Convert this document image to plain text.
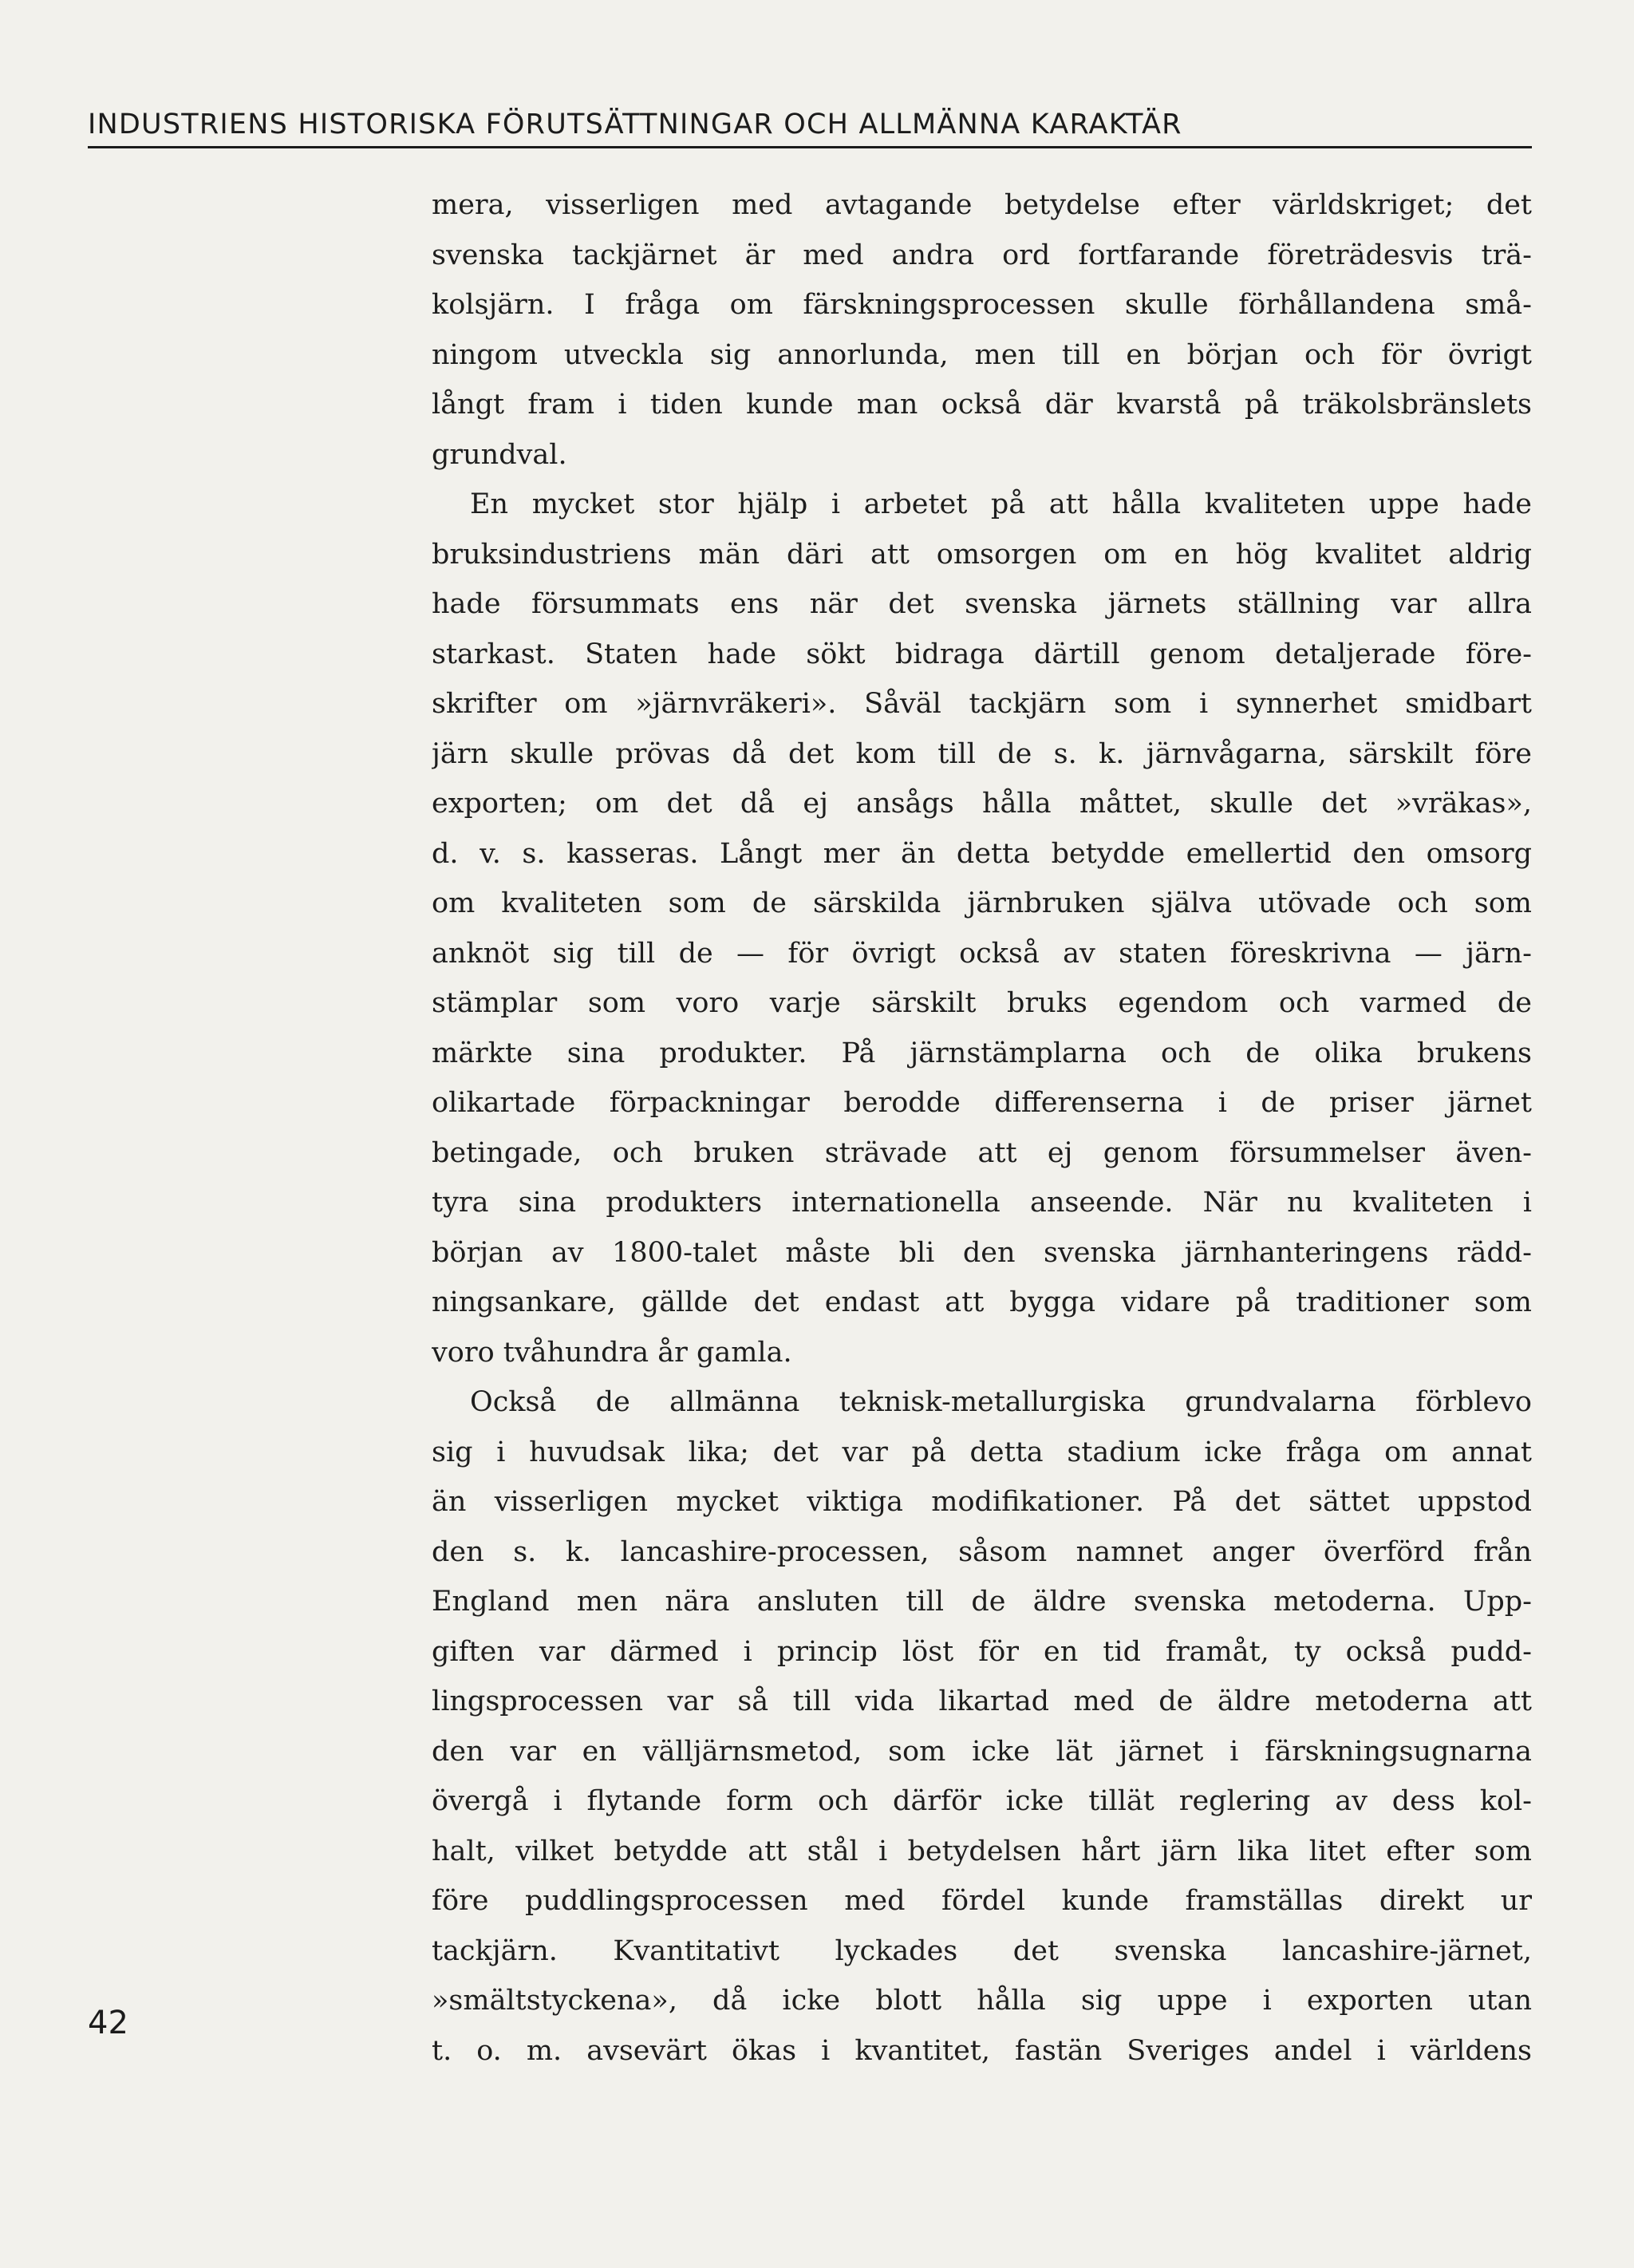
INDUSTRIENS HISTORISKA FÖRUTSÄTTNINGAR OCH ALLMÄNNA KARAKTÄR
42
mera, visserligen med avtagande betydelse efter världskriget; det
svenska tackjärnet är med andra ord fortfarande företrädesvis trä-
kolsjärn. I fråga om färskningsprocessen skulle förhållandena små-
ningom utveckla sig annorlunda, men till en början och för övrigt
långt fram i tiden kunde man också där kvarstå på träkolsbränslets
grundval.
En mycket stor hjälp i arbetet på att hålla kvaliteten uppe hade
bruksindustriens män däri att omsorgen om en hög kvalitet aldrig
hade försummats ens när det svenska järnets ställning var allra
starkast. Staten hade sökt bidraga därtill genom detaljerade före-
skrifter om »järnvräkeri». Såväl tackjärn som i synnerhet smidbart
järn skulle prövas då det kom till de s. k. järnvågarna, särskilt före
exporten; om det då ej ansågs hålla måttet, skulle det »vräkas»,
d. v. s. kasseras. Långt mer än detta betydde emellertid den omsorg
om kvaliteten som de särskilda järnbruken själva utövade och som
anknöt sig till de — för övrigt också av staten föreskrivna — järn-
stämplar som voro varje särskilt bruks egendom och varmed de
märkte sina produkter. På järnstämplarna och de olika brukens
olikartade förpackningar berodde differenserna i de priser järnet
betingade, och bruken strävade att ej genom försummelser även-
tyra sina produkters internationella anseende. När nu kvaliteten i
början av 1800-talet måste bli den svenska järnhanteringens rädd-
ningsankare, gällde det endast att bygga vidare på traditioner som
voro tvåhundra år gamla.
Också de allmänna teknisk-metallurgiska grundvalarna förblevo
sig i huvudsak lika; det var på detta stadium icke fråga om annat
än visserligen mycket viktiga modifikationer. På det sättet uppstod
den s. k. lancashire-processen, såsom namnet anger överförd från
England men nära ansluten till de äldre svenska metoderna. Upp-
giften var därmed i princip löst för en tid framåt, ty också pudd-
lingsprocessen var så till vida likartad med de äldre metoderna att
den var en välljärnsmetod, som icke lät järnet i färskningsugnarna
övergå i flytande form och därför icke tillät reglering av dess kol-
halt, vilket betydde att stål i betydelsen hårt järn lika litet efter som
före puddlingsprocessen med fördel kunde framställas direkt ur
tackjärn. Kvantitativt lyckades det svenska lancashire-järnet,
»smältstyckena», då icke blott hålla sig uppe i exporten utan
t. o. m. avsevärt ökas i kvantitet, fastän Sveriges andel i världens
